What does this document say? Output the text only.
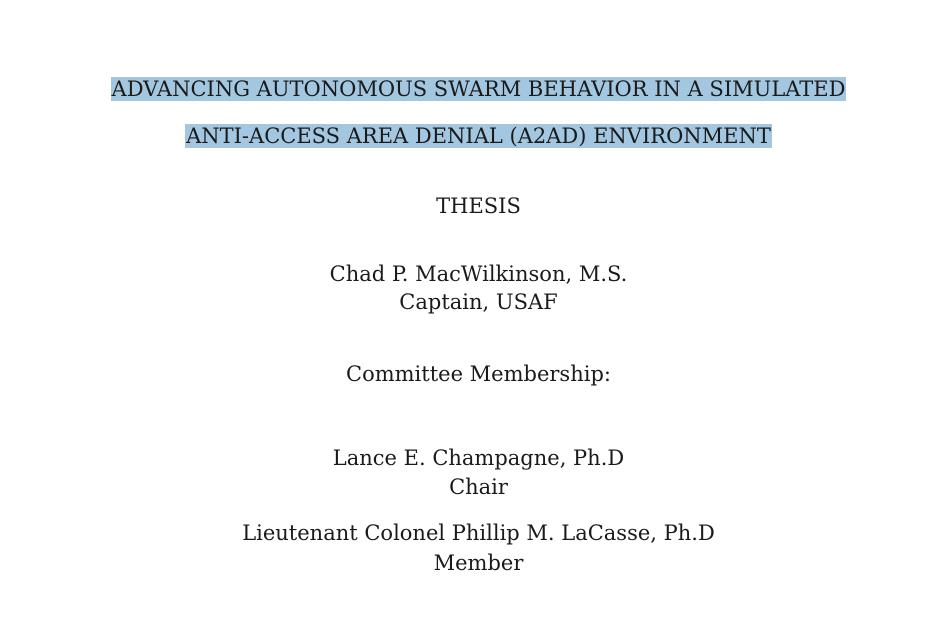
ADVANCING AUTONOMOUS SWARM BEHAVIOR IN A SIMULATED
ANTI-ACCESS AREA DENIAL (A2AD) ENVIRONMENT
THESIS
Chad P. MacWilkinson, M.S.
Captain, USAF
Committee Membership:
Lance E. Champagne, Ph.D
Chair
Lieutenant Colonel Phillip M. LaCasse, Ph.D
Member
